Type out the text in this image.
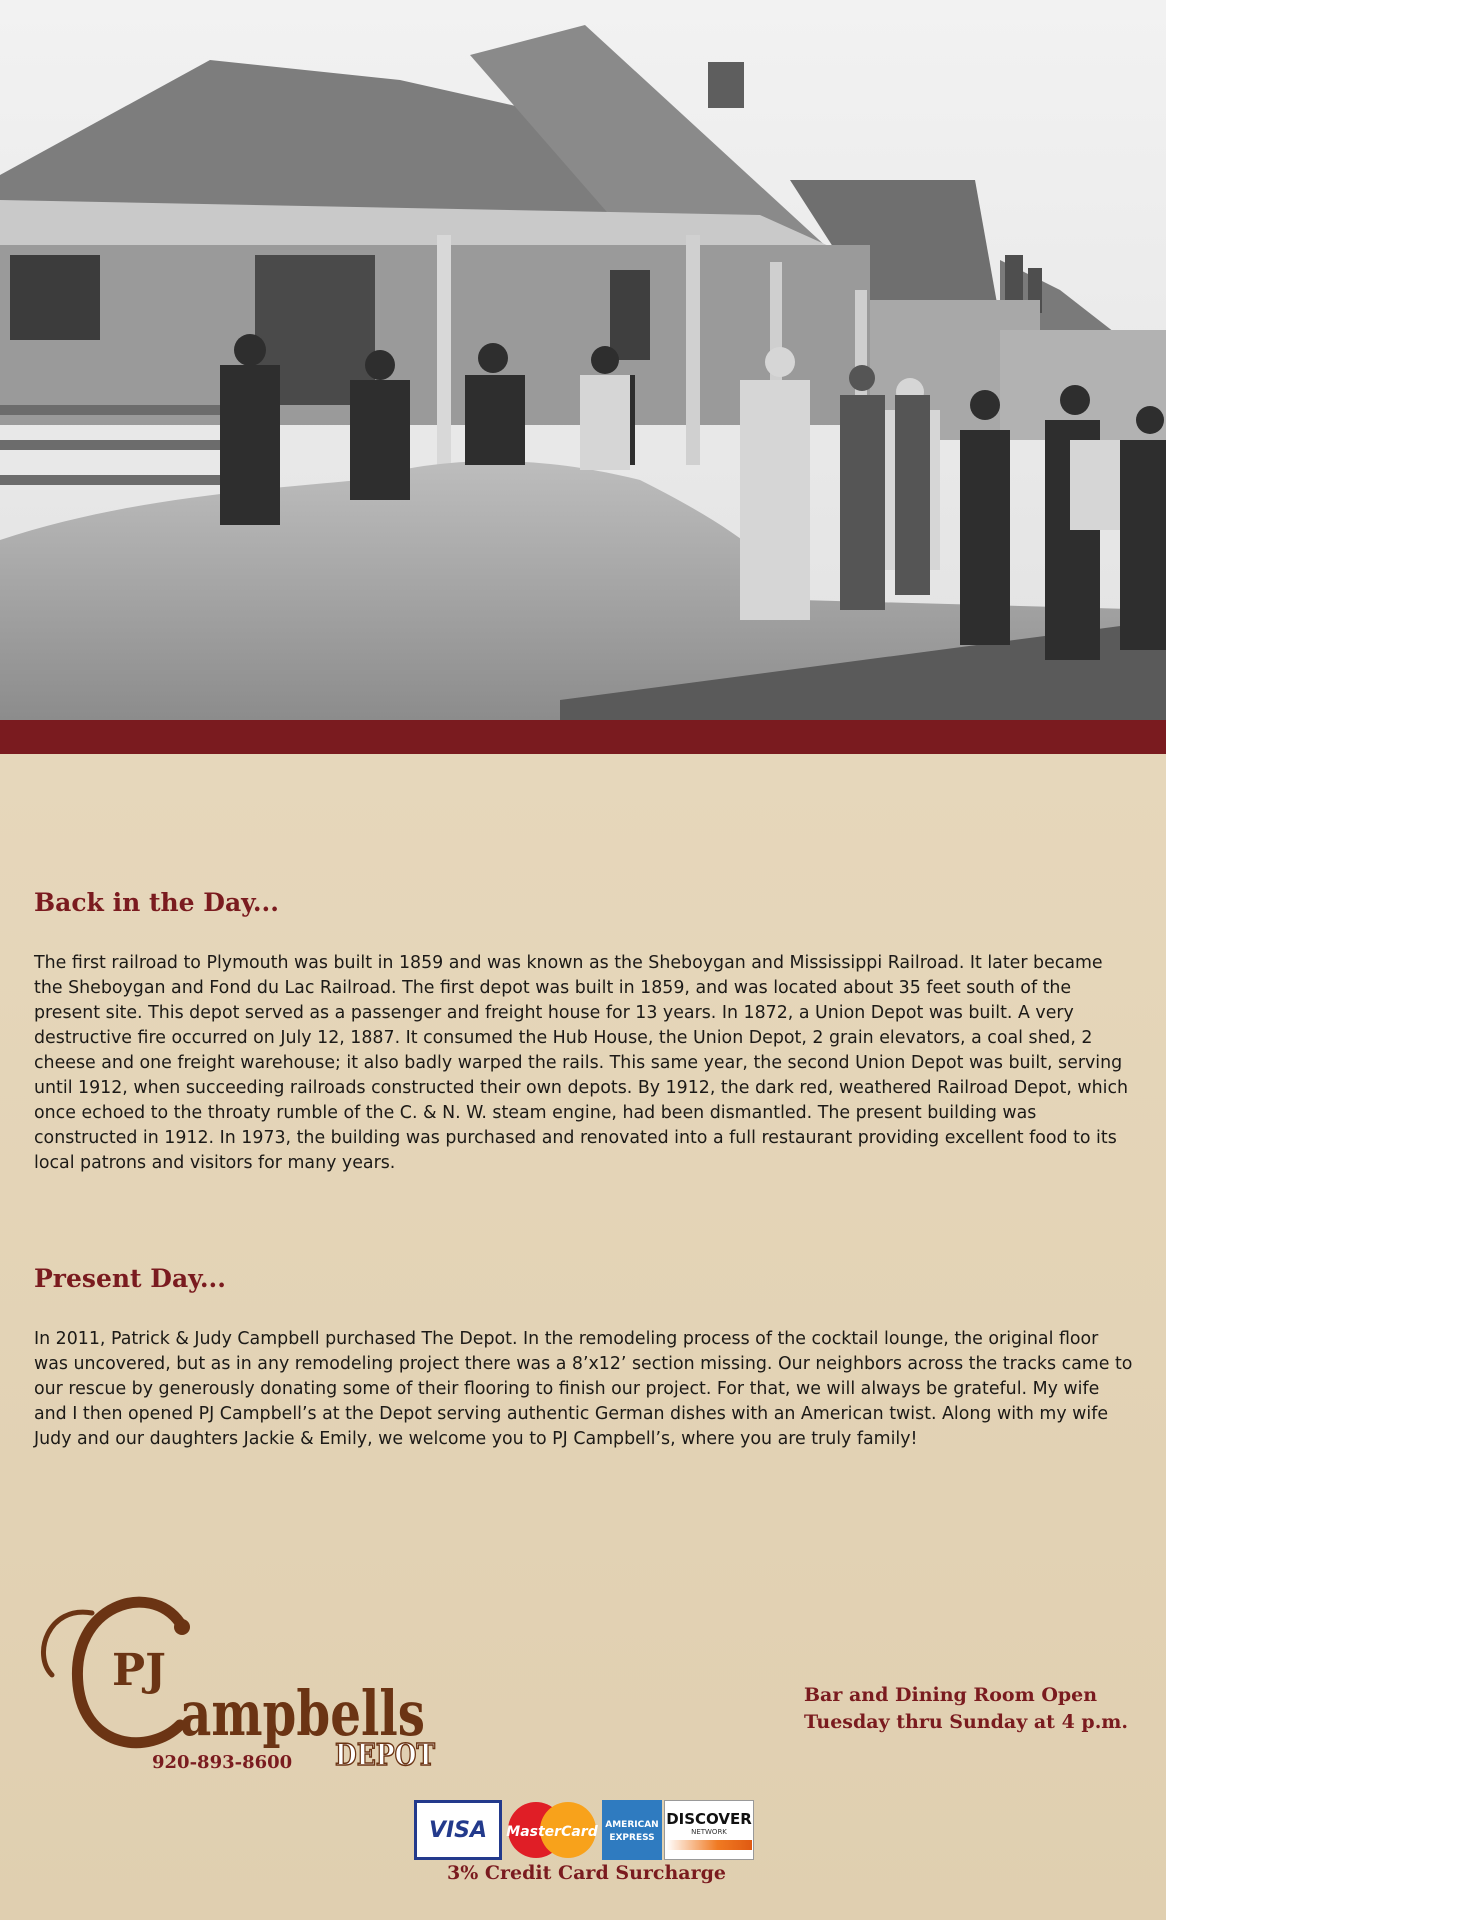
Back in the Day...

The first railroad to Plymouth was built in 1859 and was known as the Sheboygan and Mississippi Railroad. It later became the Sheboygan and Fond du Lac Railroad. The first depot was built in 1859, and was located about 35 feet south of the present site. This depot served as a passenger and freight house for 13 years. In 1872, a Union Depot was built. A very destructive fire occurred on July 12, 1887. It consumed the Hub House, the Union Depot, 2 grain elevators, a coal shed, 2 cheese and one freight warehouse; it also badly warped the rails. This same year, the second Union Depot was built, serving until 1912, when succeeding railroads constructed their own depots. By 1912, the dark red, weathered Railroad Depot, which once echoed to the throaty rumble of the C. & N. W. steam engine, had been dismantled. The present building was constructed in 1912. In 1973, the building was purchased and renovated into a full restaurant providing excellent food to its local patrons and visitors for many years.

Present Day...

In 2011, Patrick & Judy Campbell purchased The Depot. In the remodeling process of the cocktail lounge, the original floor was uncovered, but as in any remodeling project there was a 8’x12’ section missing. Our neighbors across the tracks came to our rescue by generously donating some of their flooring to finish our project. For that, we will always be grateful. My wife and I then opened PJ Campbell’s at the Depot serving authentic German dishes with an American twist. Along with my wife Judy and our daughters Jackie & Emily, we welcome you to PJ Campbell’s, where you are truly family!

PJ
ampbells
DEPOT
920-893-8600
Bar and Dining Room Open
Tuesday thru Sunday at 4 p.m.
VISA MasterCard AMERICAN
EXPRESS
DISCOVER
NETWORK
3% Credit Card Surcharge
